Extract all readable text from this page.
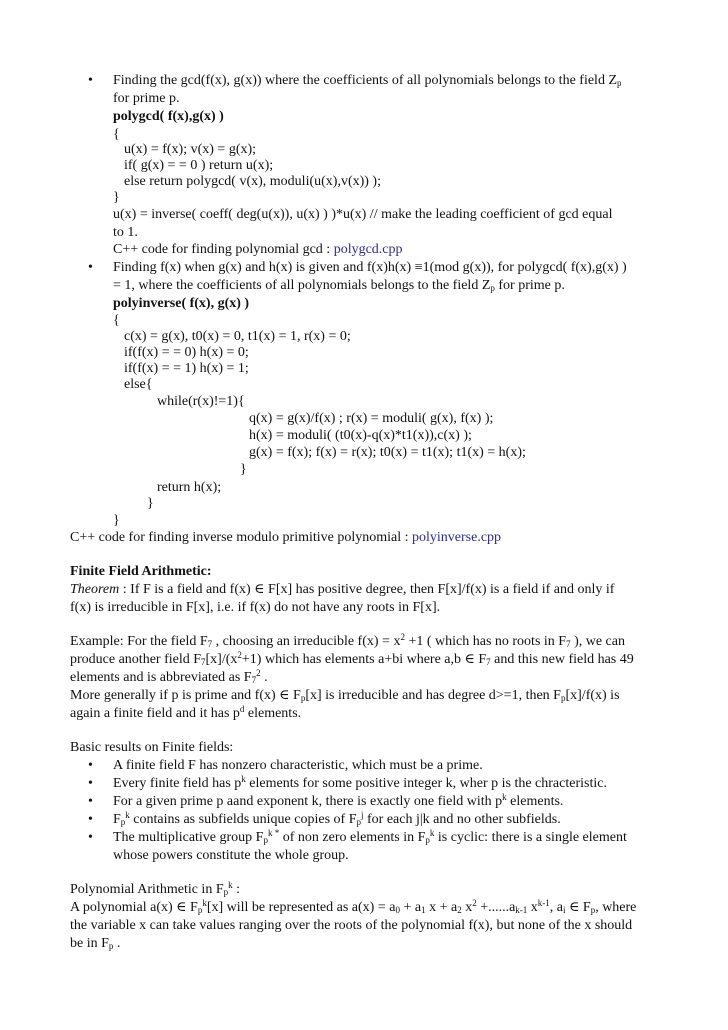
• Finding the gcd(f(x), g(x)) where the coefficients of all polynomials belongs to the field $Z_p$
for prime p.
polygcd( f(x),g(x) )
{
u(x) = f(x); v(x) = g(x);
if( g(x) = = 0 ) return u(x);
else return polygcd( v(x), moduli(u(x),v(x)) );
}
u(x) = inverse( coeff( deg(u(x)), u(x) ) )*u(x) // make the leading coefficient of gcd equal
to 1.
C++ code for finding polynomial gcd : polygcd.cpp
• Finding f(x) when g(x) and h(x) is given and f(x)h(x) ≡1(mod g(x)), for polygcd( f(x),g(x) )
= 1, where the coefficients of all polynomials belongs to the field $Z_p$ for prime p.
polyinverse( f(x), g(x) )
{
c(x) = g(x), t0(x) = 0, t1(x) = 1, r(x) = 0;
if(f(x) = = 0) h(x) = 0;
if(f(x) = = 1) h(x) = 1;
else{
while(r(x)!=1){
q(x) = g(x)/f(x) ; r(x) = moduli( g(x), f(x) );
h(x) = moduli( (t0(x)-q(x)*t1(x)),c(x) );
g(x) = f(x); f(x) = r(x); t0(x) = t1(x); t1(x) = h(x);
}
return h(x);
}
}
C++ code for finding inverse modulo primitive polynomial : polyinverse.cpp
Finite Field Arithmetic:
Theorem : If F is a field and f(x) ∈ F[x] has positive degree, then F[x]/f(x) is a field if and only if
f(x) is irreducible in F[x], i.e. if f(x) do not have any roots in F[x].
Example: For the field $F_7$ , choosing an irreducible $f(x) = x^2 +1$ ( which has no roots in $F_7$ ), we can
produce another field $F_7[x]/(x^2+1)$ which has elements a+bi where a,b ∈ $F_7$ and this new field has 49
elements and is abbreviated as $F_7^2$ .
More generally if p is prime and f(x) ∈ $F_p[x]$ is irreducible and has degree d>=1, then $F_p[x]/f(x)$ is
again a finite field and it has $p^d$ elements.
Basic results on Finite fields:
• A finite field F has nonzero characteristic, which must be a prime.
• Every finite field has $p^k$ elements for some positive integer k, wher p is the chracteristic.
• For a given prime p aand exponent k, there is exactly one field with $p^k$ elements.
• $F_p^k$ contains as subfields unique copies of $F_p^j$ for each j|k and no other subfields.
• The multiplicative group $F_p^{k *}$ of non zero elements in $F_p^k$ is cyclic: there is a single element
whose powers constitute the whole group.
Polynomial Arithmetic in $F_p^k$ :
A polynomial a(x) ∈ $F_p^k[x]$ will be represented as $a(x) = a_0 + a_1$ $x + a_2$ $x^2 +......a_{k-1}$ $x^{k-1}$, $a_i$ ∈ $F_p$, where
the variable x can take values ranging over the roots of the polynomial f(x), but none of the x should
be in $F_p$ .
